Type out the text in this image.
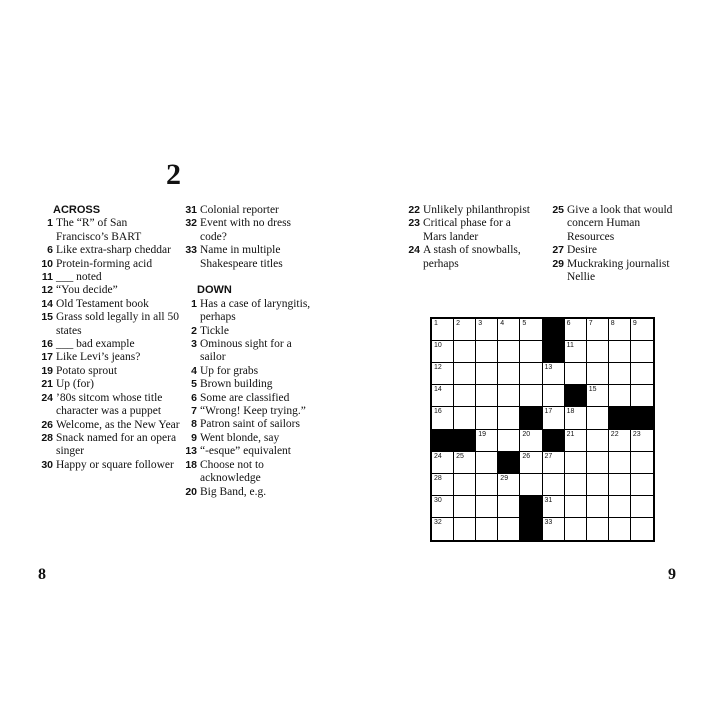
2
ACROSS
1 The “R” of San Francisco’s BART
6 Like extra-sharp cheddar
10 Protein-forming acid
11 ___ noted
12 “You decide”
14 Old Testament book
15 Grass sold legally in all 50 states
16 ___ bad example
17 Like Levi’s jeans?
19 Potato sprout
21 Up (for)
24 ’80s sitcom whose title character was a puppet
26 Welcome, as the New Year
28 Snack named for an opera singer
30 Happy or square follower
31 Colonial reporter
32 Event with no dress code?
33 Name in multiple Shakespeare titles
DOWN
1 Has a case of laryngitis, perhaps
2 Tickle
3 Ominous sight for a sailor
4 Up for grabs
5 Brown building
6 Some are classified
7 “Wrong! Keep trying.”
8 Patron saint of sailors
9 Went blonde, say
13 “-esque” equivalent
18 Choose not to acknowledge
20 Big Band, e.g.
22 Unlikely philanthropist
23 Critical phase for a Mars lander
24 A stash of snowballs, perhaps
25 Give a look that would concern Human Resources
27 Desire
29 Muckraking journalist Nellie
1	2	3	4	5	6	7	8	9
10	11
12	13
14	15
16	17 18
19	20	21	22 23
24 25	26 27
28	29
30	31
32	33
8	9
